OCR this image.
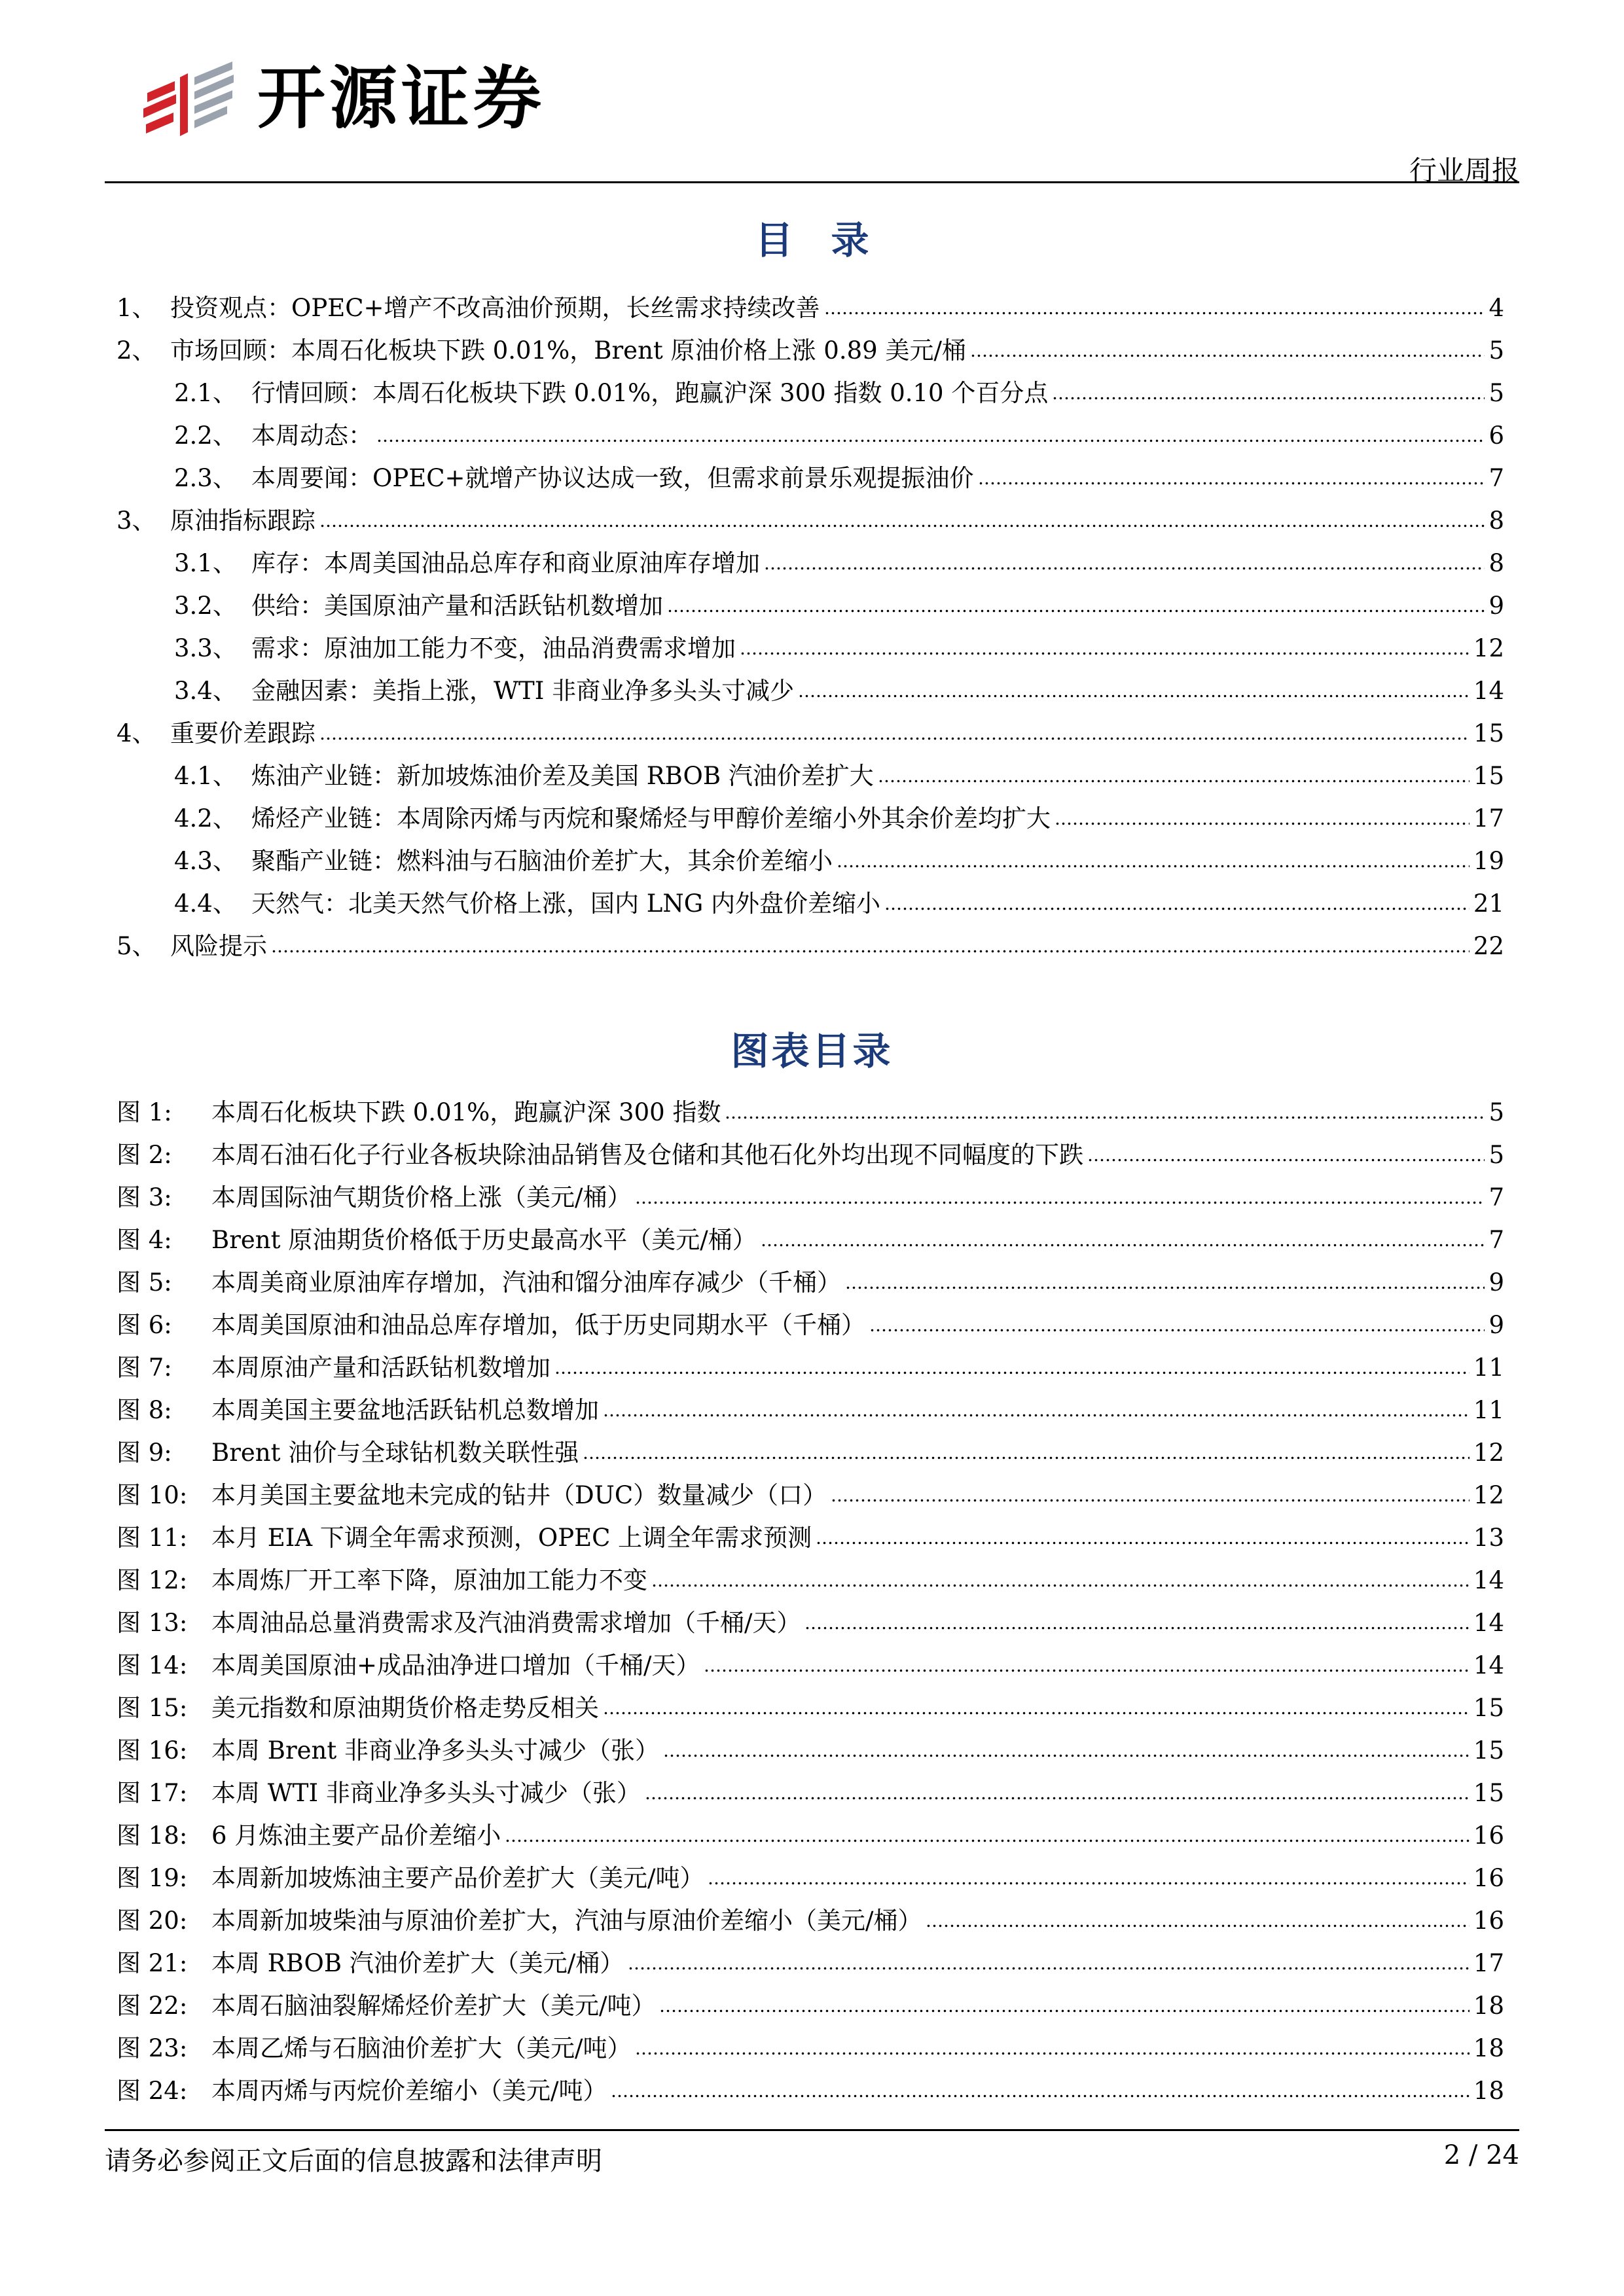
开源证券
行业周报
目录
1、 投资观点：OPEC+增产不改高油价预期，长丝需求持续改善	4
2、 市场回顾：本周石化板块下跌 0.01%，Brent 原油价格上涨 0.89 美元/桶	5
2.1、 行情回顾：本周石化板块下跌 0.01%，跑赢沪深 300 指数 0.10 个百分点	5
2.2、 本周动态：	6
2.3、 本周要闻：OPEC+就增产协议达成一致，但需求前景乐观提振油价	7
3、 原油指标跟踪	8
3.1、 库存：本周美国油品总库存和商业原油库存增加	8
3.2、 供给：美国原油产量和活跃钻机数增加	9
3.3、 需求：原油加工能力不变，油品消费需求增加	12
3.4、 金融因素：美指上涨，WTI 非商业净多头头寸减少	14
4、 重要价差跟踪	15
4.1、 炼油产业链：新加坡炼油价差及美国 RBOB 汽油价差扩大	15
4.2、 烯烃产业链：本周除丙烯与丙烷和聚烯烃与甲醇价差缩小外其余价差均扩大	17
4.3、 聚酯产业链：燃料油与石脑油价差扩大，其余价差缩小	19
4.4、 天然气：北美天然气价格上涨，国内 LNG 内外盘价差缩小	21
5、 风险提示	22
图表目录
图 1:	本周石化板块下跌 0.01%，跑赢沪深 300 指数	5
图 2:	本周石油石化子行业各板块除油品销售及仓储和其他石化外均出现不同幅度的下跌	5
图 3:	本周国际油气期货价格上涨（美元/桶）	7
图 4:	Brent 原油期货价格低于历史最高水平（美元/桶）	7
图 5:	本周美商业原油库存增加，汽油和馏分油库存减少（千桶）	9
图 6:	本周美国原油和油品总库存增加，低于历史同期水平（千桶）	9
图 7:	本周原油产量和活跃钻机数增加	11
图 8:	本周美国主要盆地活跃钻机总数增加	11
图 9:	Brent 油价与全球钻机数关联性强	12
图 10: 本月美国主要盆地未完成的钻井（DUC）数量减少（口）	12
图 11: 本月 EIA 下调全年需求预测，OPEC 上调全年需求预测	13
图 12: 本周炼厂开工率下降，原油加工能力不变	14
图 13: 本周油品总量消费需求及汽油消费需求增加（千桶/天）	14
图 14: 本周美国原油+成品油净进口增加（千桶/天）	14
图 15: 美元指数和原油期货价格走势反相关	15
图 16: 本周 Brent 非商业净多头头寸减少（张）	15
图 17: 本周 WTI 非商业净多头头寸减少（张）	15
图 18: 6 月炼油主要产品价差缩小	16
图 19: 本周新加坡炼油主要产品价差扩大（美元/吨）	16
图 20: 本周新加坡柴油与原油价差扩大，汽油与原油价差缩小（美元/桶）	16
图 21: 本周 RBOB 汽油价差扩大（美元/桶）	17
图 22: 本周石脑油裂解烯烃价差扩大（美元/吨）	18
图 23: 本周乙烯与石脑油价差扩大（美元/吨）	18
图 24: 本周丙烯与丙烷价差缩小（美元/吨）	18
请务必参阅正文后面的信息披露和法律声明	2 / 24
